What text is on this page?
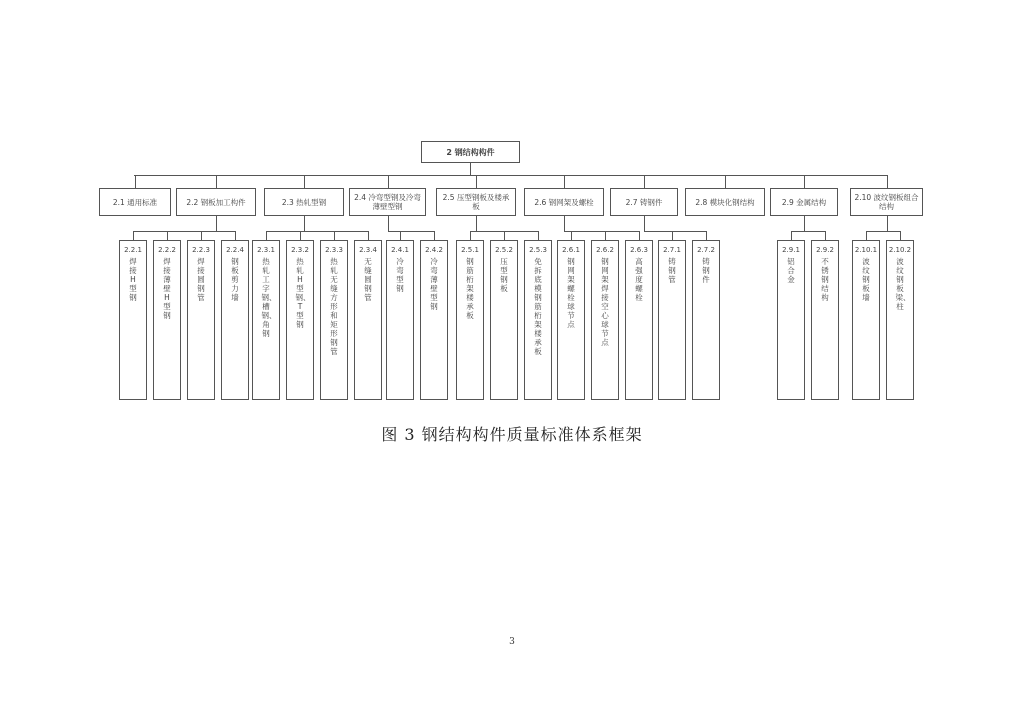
2 钢结构构件
2.1 通用标准	2.2 钢板加工构件
2.2.1
焊接H型钢
2.2.2
焊接薄壁H型钢
2.2.3
焊接圆钢管
2.2.4
钢板剪力墙
2.3 热轧型钢
2.3.1
热轧工字钢、槽钢、角钢
2.3.2
热轧H型钢、T型钢
2.3.3
热轧无缝方形和矩形钢管
2.3.4
无缝圆钢管
2.4 冷弯型钢及冷弯薄壁型钢
2.4.1
冷弯型钢
2.4.2
冷弯薄壁型钢
2.5 压型钢板及楼承板
2.5.1
钢筋桁架楼承板
2.5.2
压型钢板
2.5.3
免拆底模钢筋桁架楼承板
2.6 钢网架及螺栓
2.6.1
钢网架螺栓球节点
2.6.2
钢网架焊接空心球节点
2.6.3
高强度螺栓
2.7 铸钢件
2.7.1
铸钢管
2.7.2
铸钢件
2.8 模块化钢结构	2.9 金属结构
2.9.1
铝合金
2.9.2
不锈钢结构
2.10 波纹钢板组合结构
2.10.1
波纹钢板墙
2.10.2
波纹钢板梁、柱
图 3 钢结构构件质量标准体系框架
3
